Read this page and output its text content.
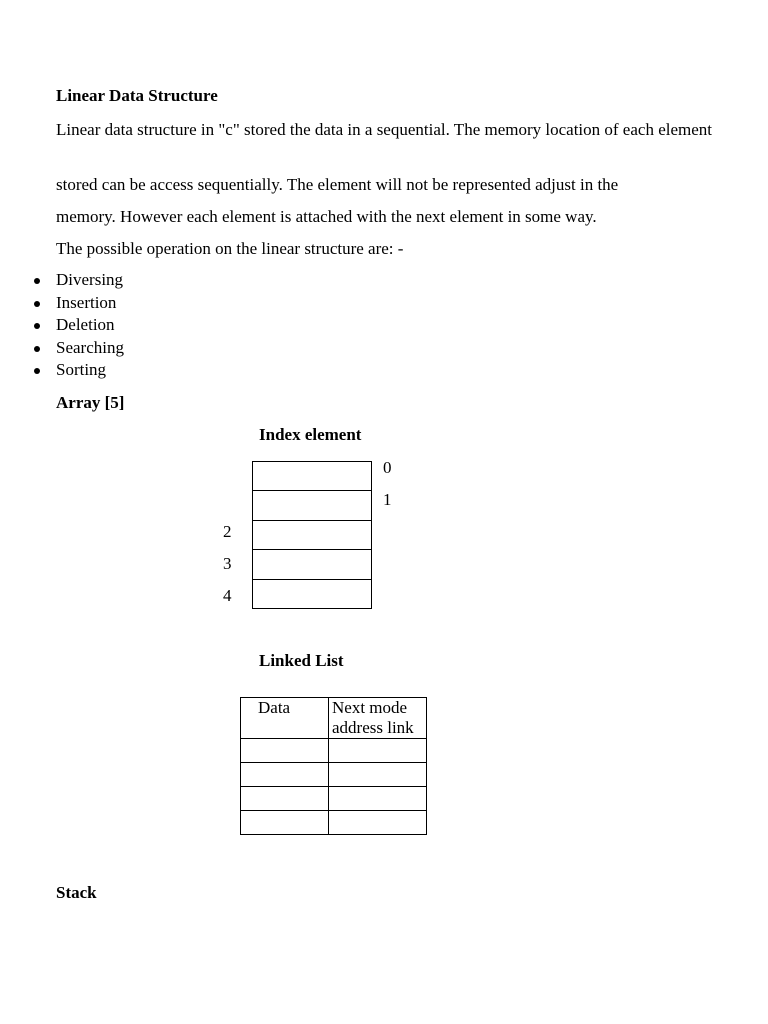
Linear Data Structure
Linear data structure in "c" stored the data in a sequential. The memory location of each element
stored can be access sequentially. The element will not be represented adjust in the
memory. However each element is attached with the next element in some way.
The possible operation on the linear structure are: -
Diversing
Insertion
Deletion
Searching
Sorting
Array [5]
Index element
0
1
2
3
4
Linked List
Data	Next mode address link

Stack
